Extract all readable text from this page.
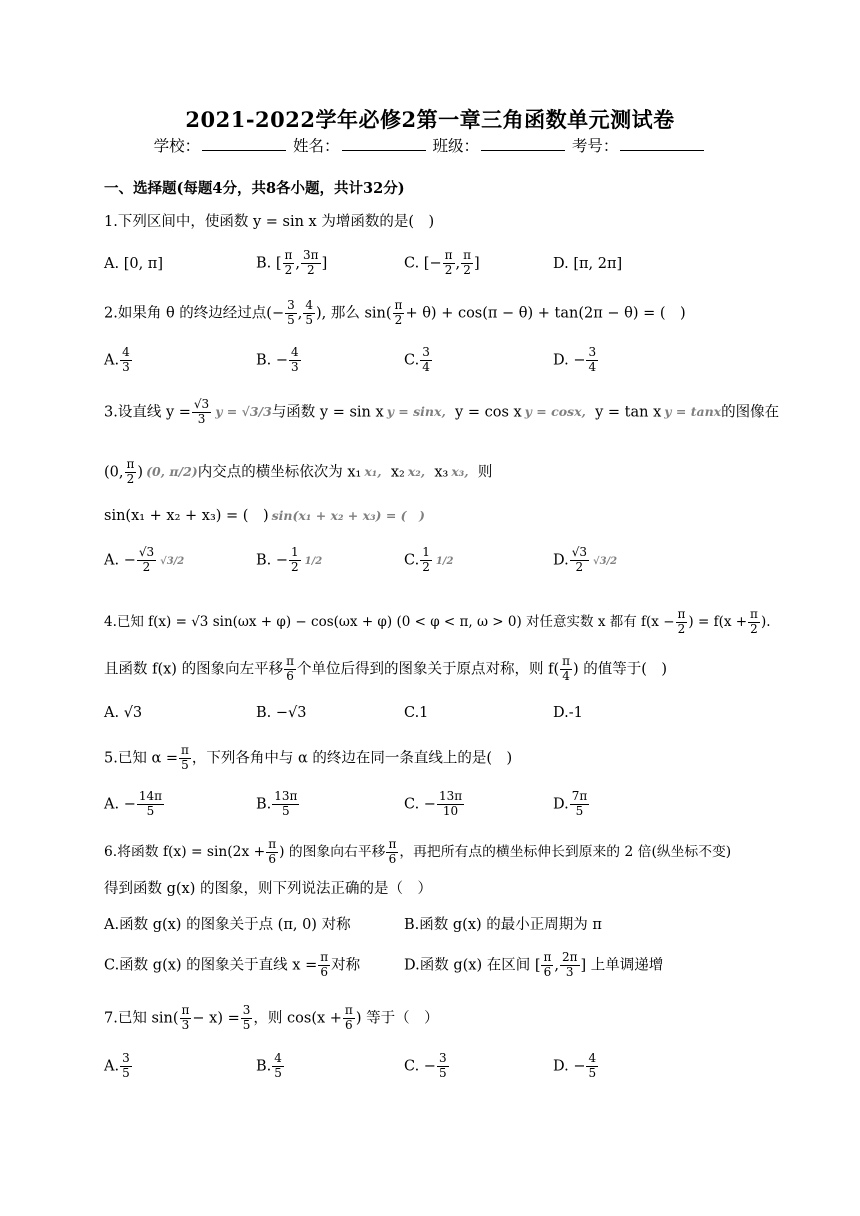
2021-2022学年必修2第一章三角函数单元测试卷
学校：	姓名：	班级：	考号：
一、选择题(每题4分，共8各小题，共计32分)
1.下列区间中，使函数 y = sin x 为增函数的是(　)
A. [0, π]	B. [ $\frac{\pi}{2}$ , $\frac{3\pi}{2}$ ]	C. [− $\frac{\pi}{2}$ , $\frac{\pi}{2}$ ]	D. [π, 2π]
2.如果角 θ 的终边经过点(− $\frac{3}{5}$ , $\frac{4}{5}$ ), 那么 $\sin( \frac{\pi}{2} + \theta) + \cos(\pi - \theta) + \tan(2\pi - \theta)$ = (　)
A. $\frac{4}{3}$	B. − $\frac{4}{3}$	C. $\frac{3}{4}$	D. − $\frac{3}{4}$
3.设直线 $y = \frac{√3}{3}$ y = √3/3与函数 y = sin x y = sinx, y = cos x y = cosx, y = tan x y = tanx的图像在
(0, $\frac{\pi}{2}$ ) (0, π/2)内交点的横坐标依次为 x₁ x₁, x₂ x₂, x₃ x₃, 则
sin(x₁ + x₂ + x₃) = (　) sin(x₁ + x₂ + x₃) = (　)
A. − $\frac{√3}{2} √3/2$	B. − $\frac{1}{2} 1/2$	C. $\frac{1}{2} 1/2$	D. $\frac{√3}{2} √3/2$
4.已知 f(x) = √3 sin(ωx + φ) − cos(ωx + φ) (0 < φ < π, ω > 0) 对任意实数 x 都有 $f(x - \frac{\pi}{2}$ ) = $f(x + \frac{\pi}{2}$ ).
且函数 f(x) 的图象向左平移 $\frac{\pi}{6}$ 个单位后得到的图象关于原点对称，则 $f( \frac{\pi}{4}$ ) 的值等于(　)
A. √3	B. −√3	C.1	D.-1
5.已知 $\alpha = \frac{\pi}{5}$ ，下列各角中与 α 的终边在同一条直线上的是(　)
A. − $\frac{14\pi}{5}$	B. $\frac{13\pi}{5}$	C. − $\frac{13\pi}{10}$	D. $\frac{7\pi}{5}$
6.将函数 $f(x) = \sin(2x + \frac{\pi}{6}$ ) 的图象向右平移 $\frac{\pi}{6}$ ，再把所有点的横坐标伸长到原来的 2 倍(纵坐标不变)
得到函数 g(x) 的图象，则下列说法正确的是（　）
A.函数 g(x) 的图象关于点 (π, 0) 对称	B.函数 g(x) 的最小正周期为 π
C.函数 g(x) 的图象关于直线 $x = \frac{\pi}{6}$ 对称	D.函数 g(x) 在区间 [ $\frac{\pi}{6}$ , $\frac{2\pi}{3}$ ] 上单调递增
7.已知 $\sin( \frac{\pi}{3} - x) = \frac{3}{5}$ ，则 $\cos(x + \frac{\pi}{6}$ ) 等于（　）
A. $\frac{3}{5}$	B. $\frac{4}{5}$	C. − $\frac{3}{5}$	D. − $\frac{4}{5}$
